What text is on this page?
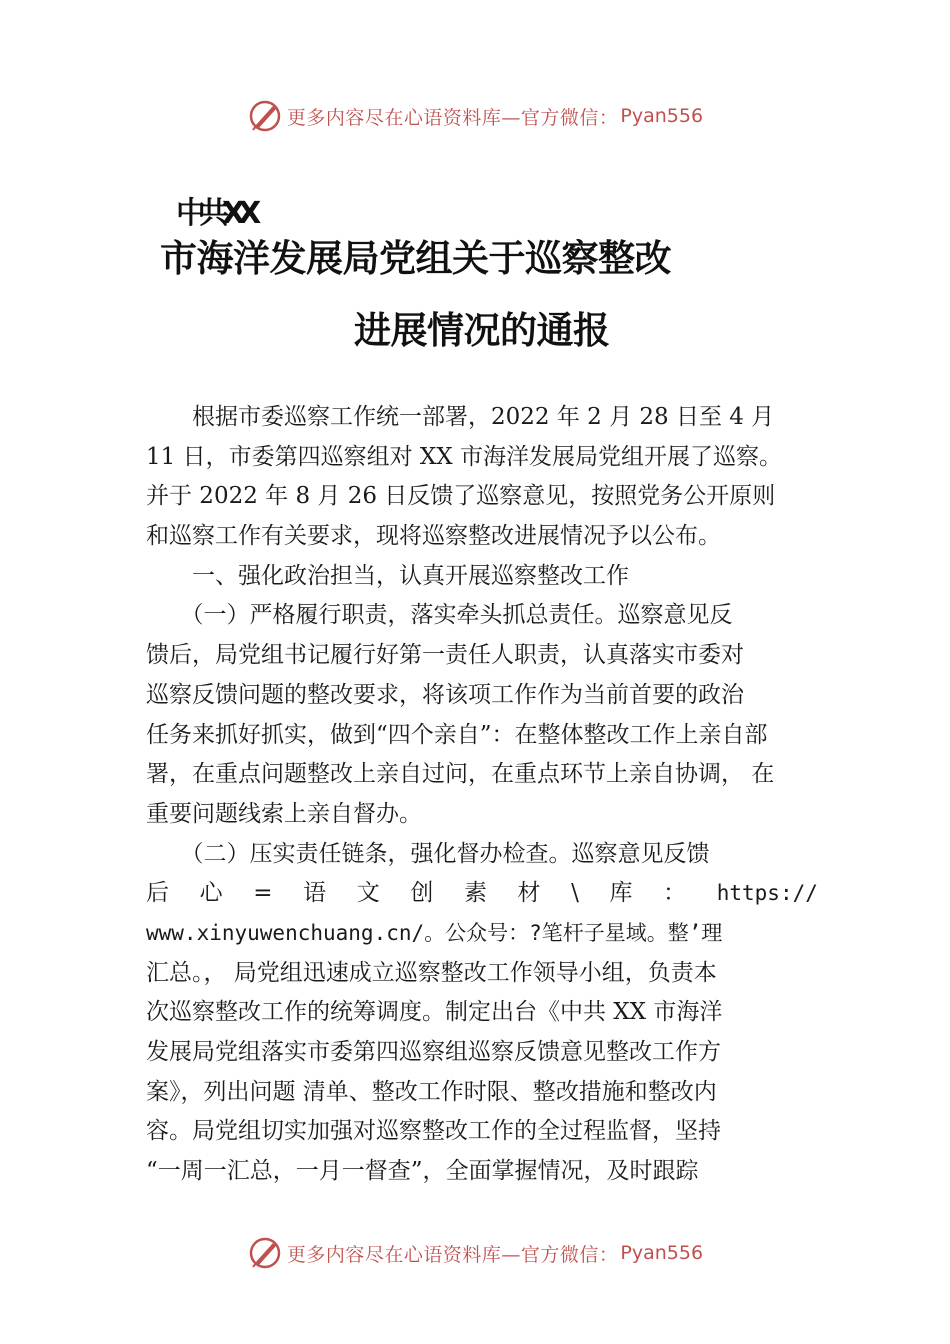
更多内容尽在心语资料库—官方微信： Pyan556
中共XX
市海洋发展局党组关于巡察整改
进展情况的通报
　　根据市委巡察工作统一部署，2022 年 2 月 28 日至 4 月
11 日，市委第四巡察组对 XX 市海洋发展局党组开展了巡察。
并于 2022 年 8 月 26 日反馈了巡察意见，按照党务公开原则
和巡察工作有关要求，现将巡察整改进展情况予以公布。
　　一、强化政治担当，认真开展巡察整改工作
　　（一）严格履行职责，落实牵头抓总责任。巡察意见反
馈后，局党组书记履行好第一责任人职责，认真落实市委对
巡察反馈问题的整改要求，将该项工作作为当前首要的政治
任务来抓好抓实，做到“四个亲自”：在整体整改工作上亲自部
署，在重点问题整改上亲自过问，在重点环节上亲自协调， 在
重要问题线索上亲自督办。
　　（二）压实责任链条，强化督办检查。巡察意见反馈
后 心 = 语 文 创 素 材 \ 库 ： https://
www.xinyuwenchuang.cn/。公众号：?笔杆子星域。整’理
汇总。， 局党组迅速成立巡察整改工作领导小组，负责本
次巡察整改工作的统筹调度。制定出台《中共 XX 市海洋
发展局党组落实市委第四巡察组巡察反馈意见整改工作方
案》，列出问题 清单、整改工作时限、整改措施和整改内
容。局党组切实加强对巡察整改工作的全过程监督，坚持
“一周一汇总，一月一督查”，全面掌握情况，及时跟踪
更多内容尽在心语资料库—官方微信： Pyan556
